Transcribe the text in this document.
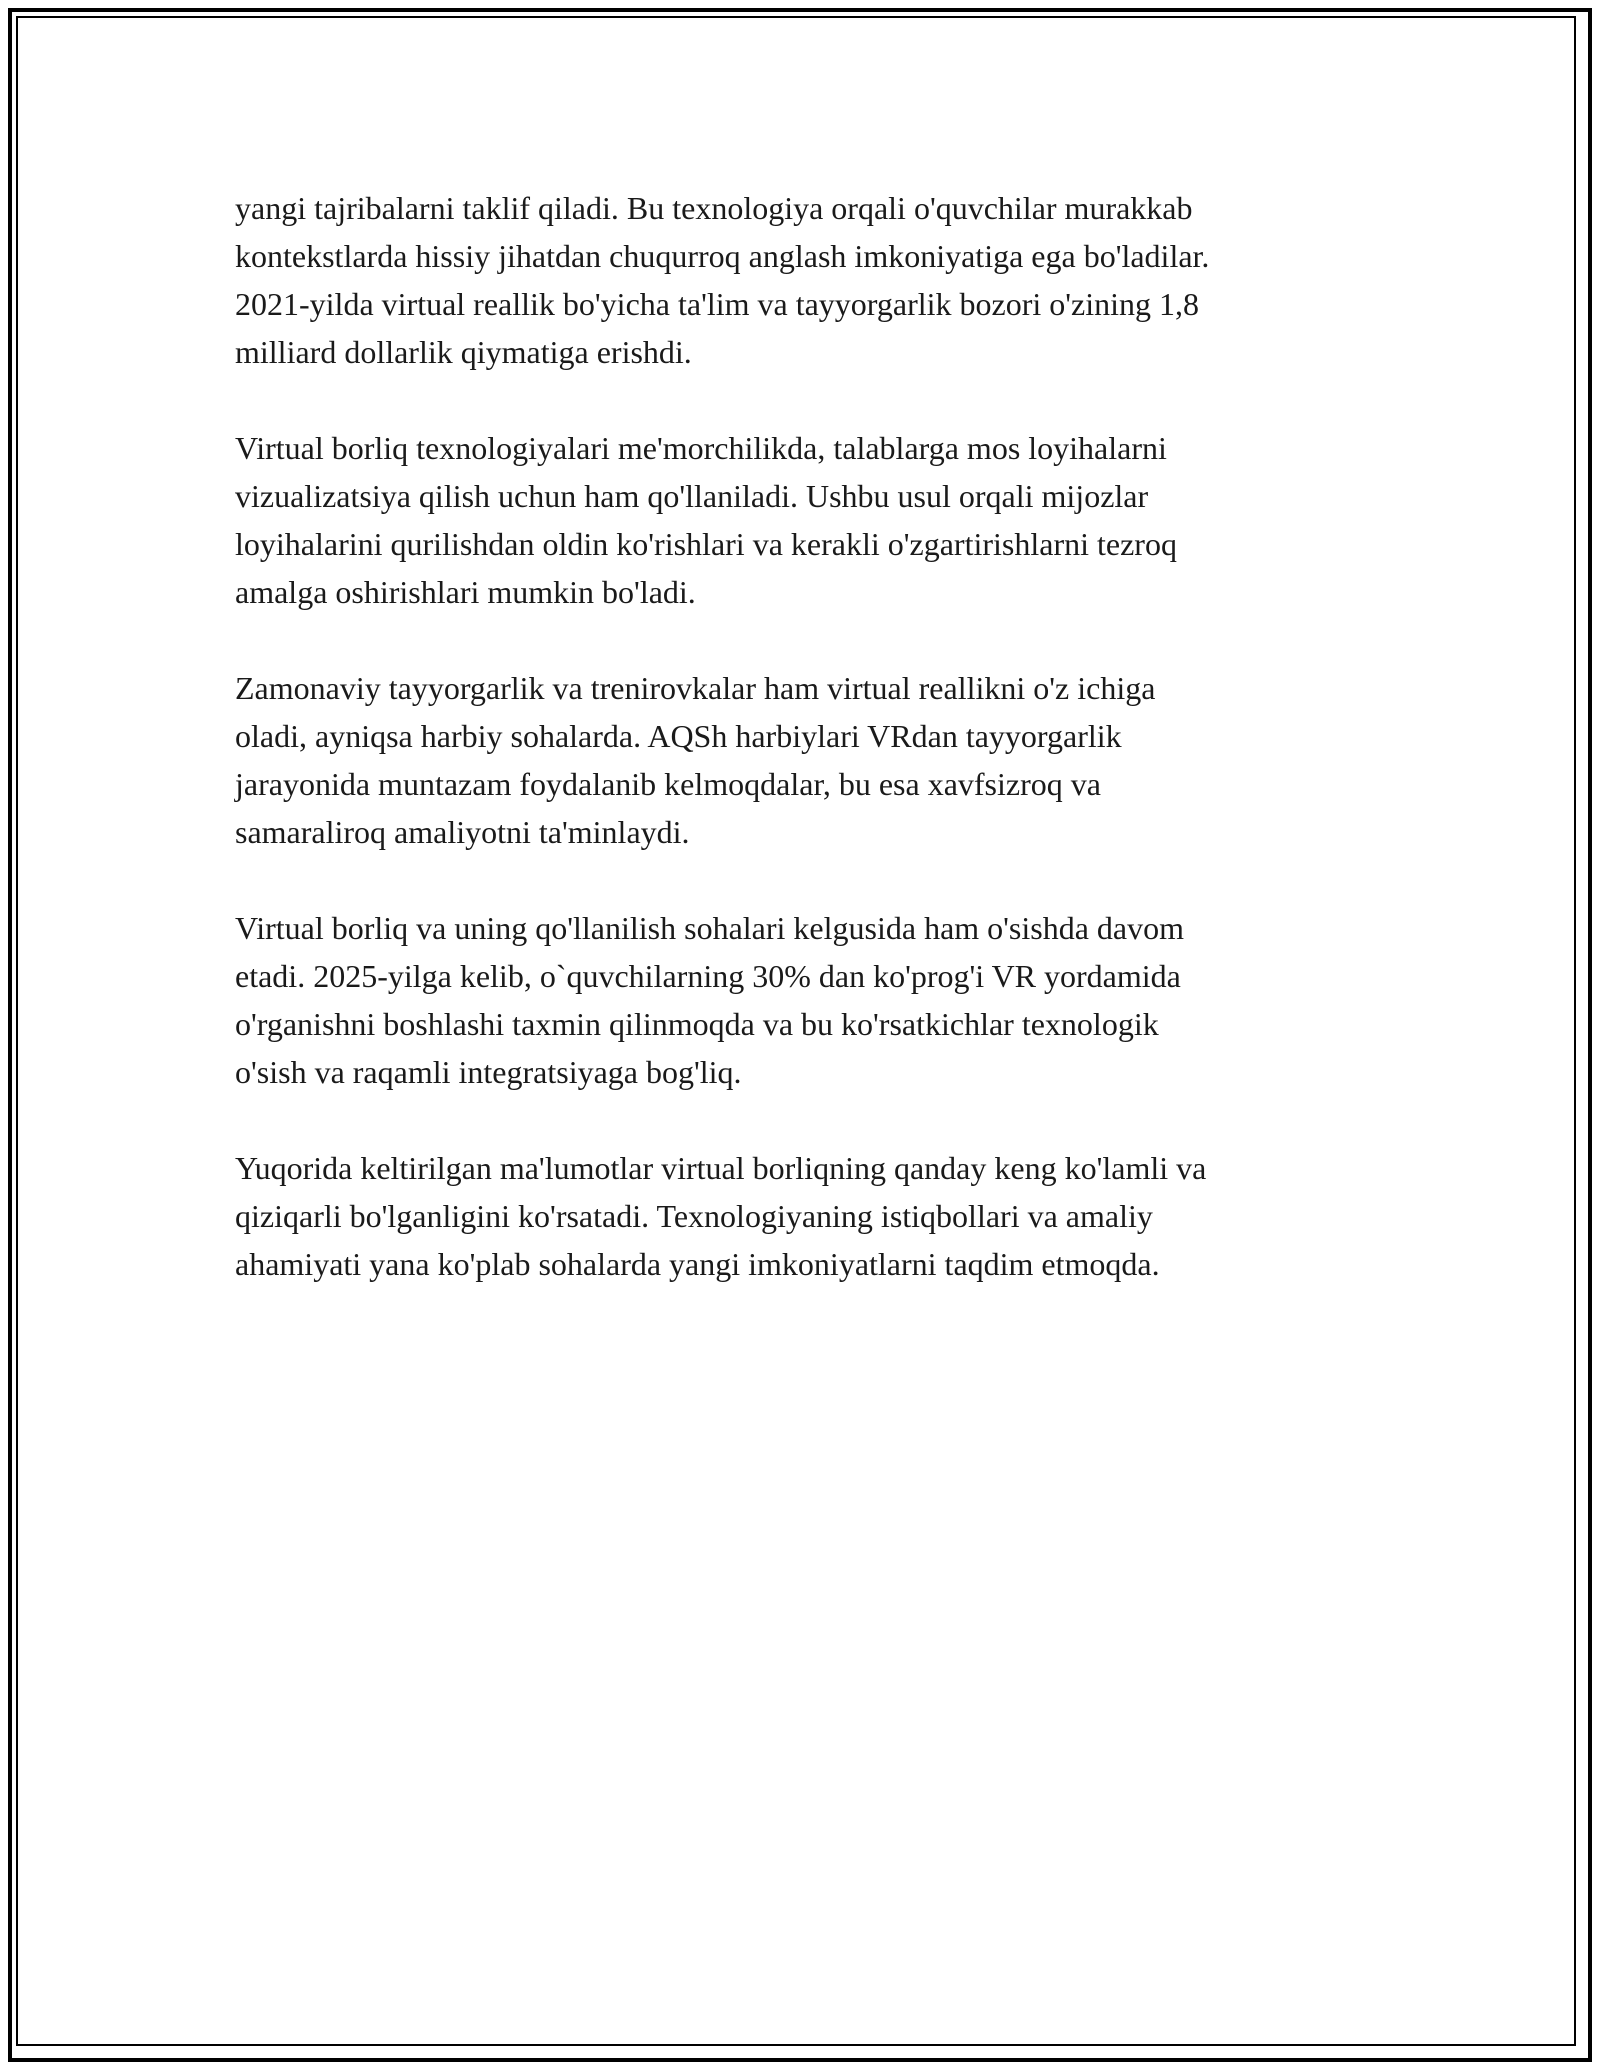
yangi tajribalarni taklif qiladi. Bu texnologiya orqali o'quvchilar murakkab
kontekstlarda hissiy jihatdan chuqurroq anglash imkoniyatiga ega bo'ladilar.
2021-yilda virtual reallik bo'yicha ta'lim va tayyorgarlik bozori o'zining 1,8
milliard dollarlik qiymatiga erishdi.

Virtual borliq texnologiyalari me'morchilikda, talablarga mos loyihalarni
vizualizatsiya qilish uchun ham qo'llaniladi. Ushbu usul orqali mijozlar
loyihalarini qurilishdan oldin ko'rishlari va kerakli o'zgartirishlarni tezroq
amalga oshirishlari mumkin bo'ladi.

Zamonaviy tayyorgarlik va trenirovkalar ham virtual reallikni o'z ichiga
oladi, ayniqsa harbiy sohalarda. AQSh harbiylari VRdan tayyorgarlik
jarayonida muntazam foydalanib kelmoqdalar, bu esa xavfsizroq va
samaraliroq amaliyotni ta'minlaydi.

Virtual borliq va uning qo'llanilish sohalari kelgusida ham o'sishda davom
etadi. 2025-yilga kelib, o`quvchilarning 30% dan ko'prog'i VR yordamida
o'rganishni boshlashi taxmin qilinmoqda va bu ko'rsatkichlar texnologik
o'sish va raqamli integratsiyaga bog'liq.

Yuqorida keltirilgan ma'lumotlar virtual borliqning qanday keng ko'lamli va
qiziqarli bo'lganligini ko'rsatadi. Texnologiyaning istiqbollari va amaliy
ahamiyati yana ko'plab sohalarda yangi imkoniyatlarni taqdim etmoqda.
